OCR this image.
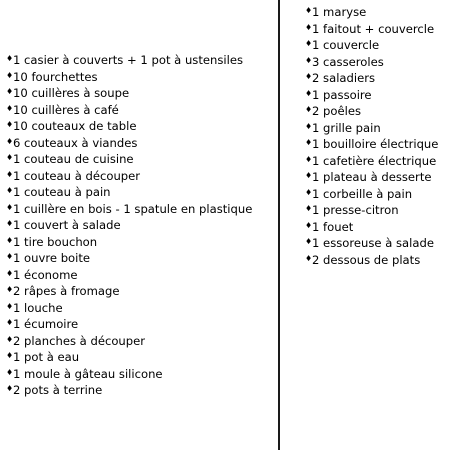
♦ 1 casier à couverts + 1 pot à ustensiles
♦ 10 fourchettes
♦ 10 cuillères à soupe
♦ 10 cuillères à café
♦ 10 couteaux de table
♦ 6 couteaux à viandes
♦ 1 couteau de cuisine
♦ 1 couteau à découper
♦ 1 couteau à pain
♦ 1 cuillère en bois - 1 spatule en plastique
♦ 1 couvert à salade
♦ 1 tire bouchon
♦ 1 ouvre boite
♦ 1 économe
♦ 2 râpes à fromage
♦ 1 louche
♦ 1 écumoire
♦ 2 planches à découper
♦ 1 pot à eau
♦ 1 moule à gâteau silicone
♦ 2 pots à terrine
♦ 1 maryse
♦ 1 faitout + couvercle
♦ 1 couvercle
♦ 3 casseroles
♦ 2 saladiers
♦ 1 passoire
♦ 2 poêles
♦ 1 grille pain
♦ 1 bouilloire électrique
♦ 1 cafetière électrique
♦ 1 plateau à desserte
♦ 1 corbeille à pain
♦ 1 presse-citron
♦ 1 fouet
♦ 1 essoreuse à salade
♦ 2 dessous de plats
